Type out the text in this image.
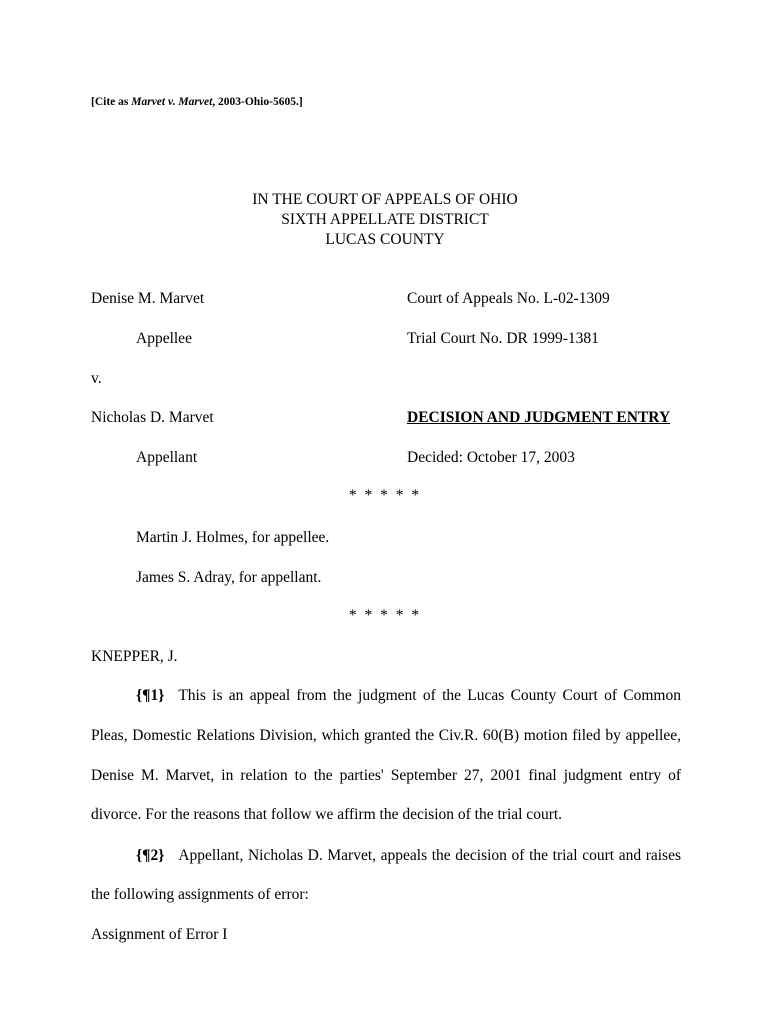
[Cite as Marvet v. Marvet, 2003-Ohio-5605.]
IN THE COURT OF APPEALS OF OHIO
SIXTH APPELLATE DISTRICT
LUCAS COUNTY
Denise M. Marvet	Court of Appeals No. L-02-1309
Appellee	Trial Court No. DR 1999-1381
v.
Nicholas D. Marvet	DECISION AND JUDGMENT ENTRY
Appellant	Decided: October 17, 2003
* * * * *
Martin J. Holmes, for appellee.
James S. Adray, for appellant.
* * * * *
KNEPPER, J.
{¶1} This is an appeal from the judgment of the Lucas County Court of Common
Pleas, Domestic Relations Division, which granted the Civ.R. 60(B) motion filed by appellee,
Denise M. Marvet, in relation to the parties' September 27, 2001 final judgment entry of
divorce. For the reasons that follow we affirm the decision of the trial court.
{¶2} Appellant, Nicholas D. Marvet, appeals the decision of the trial court and raises
the following assignments of error:
Assignment of Error I
